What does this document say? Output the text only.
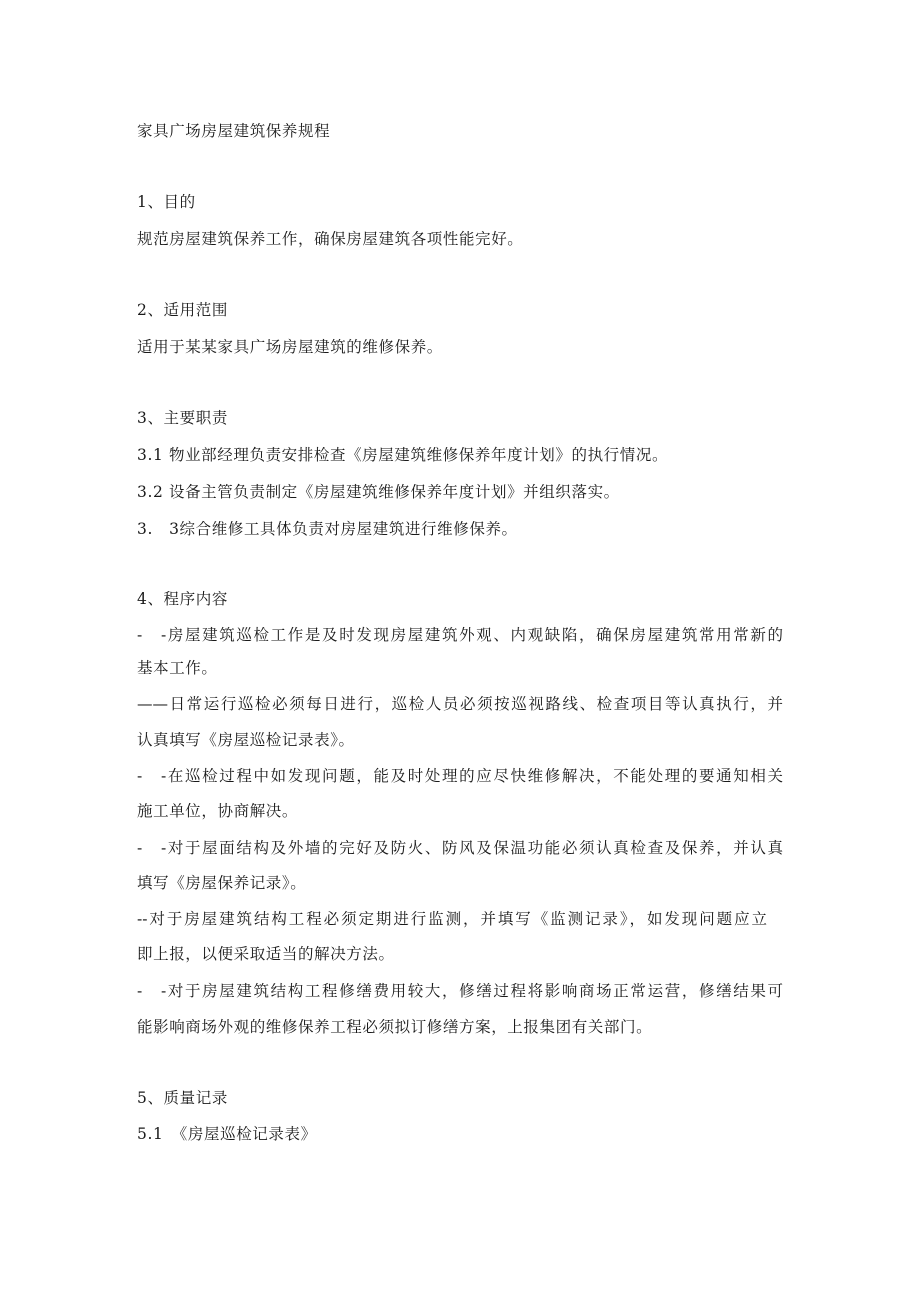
家具广场房屋建筑保养规程
1、目的
规范房屋建筑保养工作，确保房屋建筑各项性能完好。
2、适用范围
适用于某某家具广场房屋建筑的维修保养。
3、主要职责
3.1 物业部经理负责安排检查《房屋建筑维修保养年度计划》的执行情况。
3.2 设备主管负责制定《房屋建筑维修保养年度计划》并组织落实。
3.　3综合维修工具体负责对房屋建筑进行维修保养。
4、程序内容
-　-房屋建筑巡检工作是及时发现房屋建筑外观、内观缺陷，确保房屋建筑常用常新的
基本工作。
——日常运行巡检必须每日进行，巡检人员必须按巡视路线、检查项目等认真执行，并
认真填写《房屋巡检记录表》。
-　-在巡检过程中如发现问题，能及时处理的应尽快维修解决，不能处理的要通知相关
施工单位，协商解决。
-　-对于屋面结构及外墙的完好及防火、防风及保温功能必须认真检查及保养，并认真
填写《房屋保养记录》。
--对于房屋建筑结构工程必须定期进行监测，并填写《监测记录》，如发现问题应立
即上报，以便采取适当的解决方法。
-　-对于房屋建筑结构工程修缮费用较大，修缮过程将影响商场正常运营，修缮结果可
能影响商场外观的维修保养工程必须拟订修缮方案，上报集团有关部门。
5、质量记录
5.1　《房屋巡检记录表》
